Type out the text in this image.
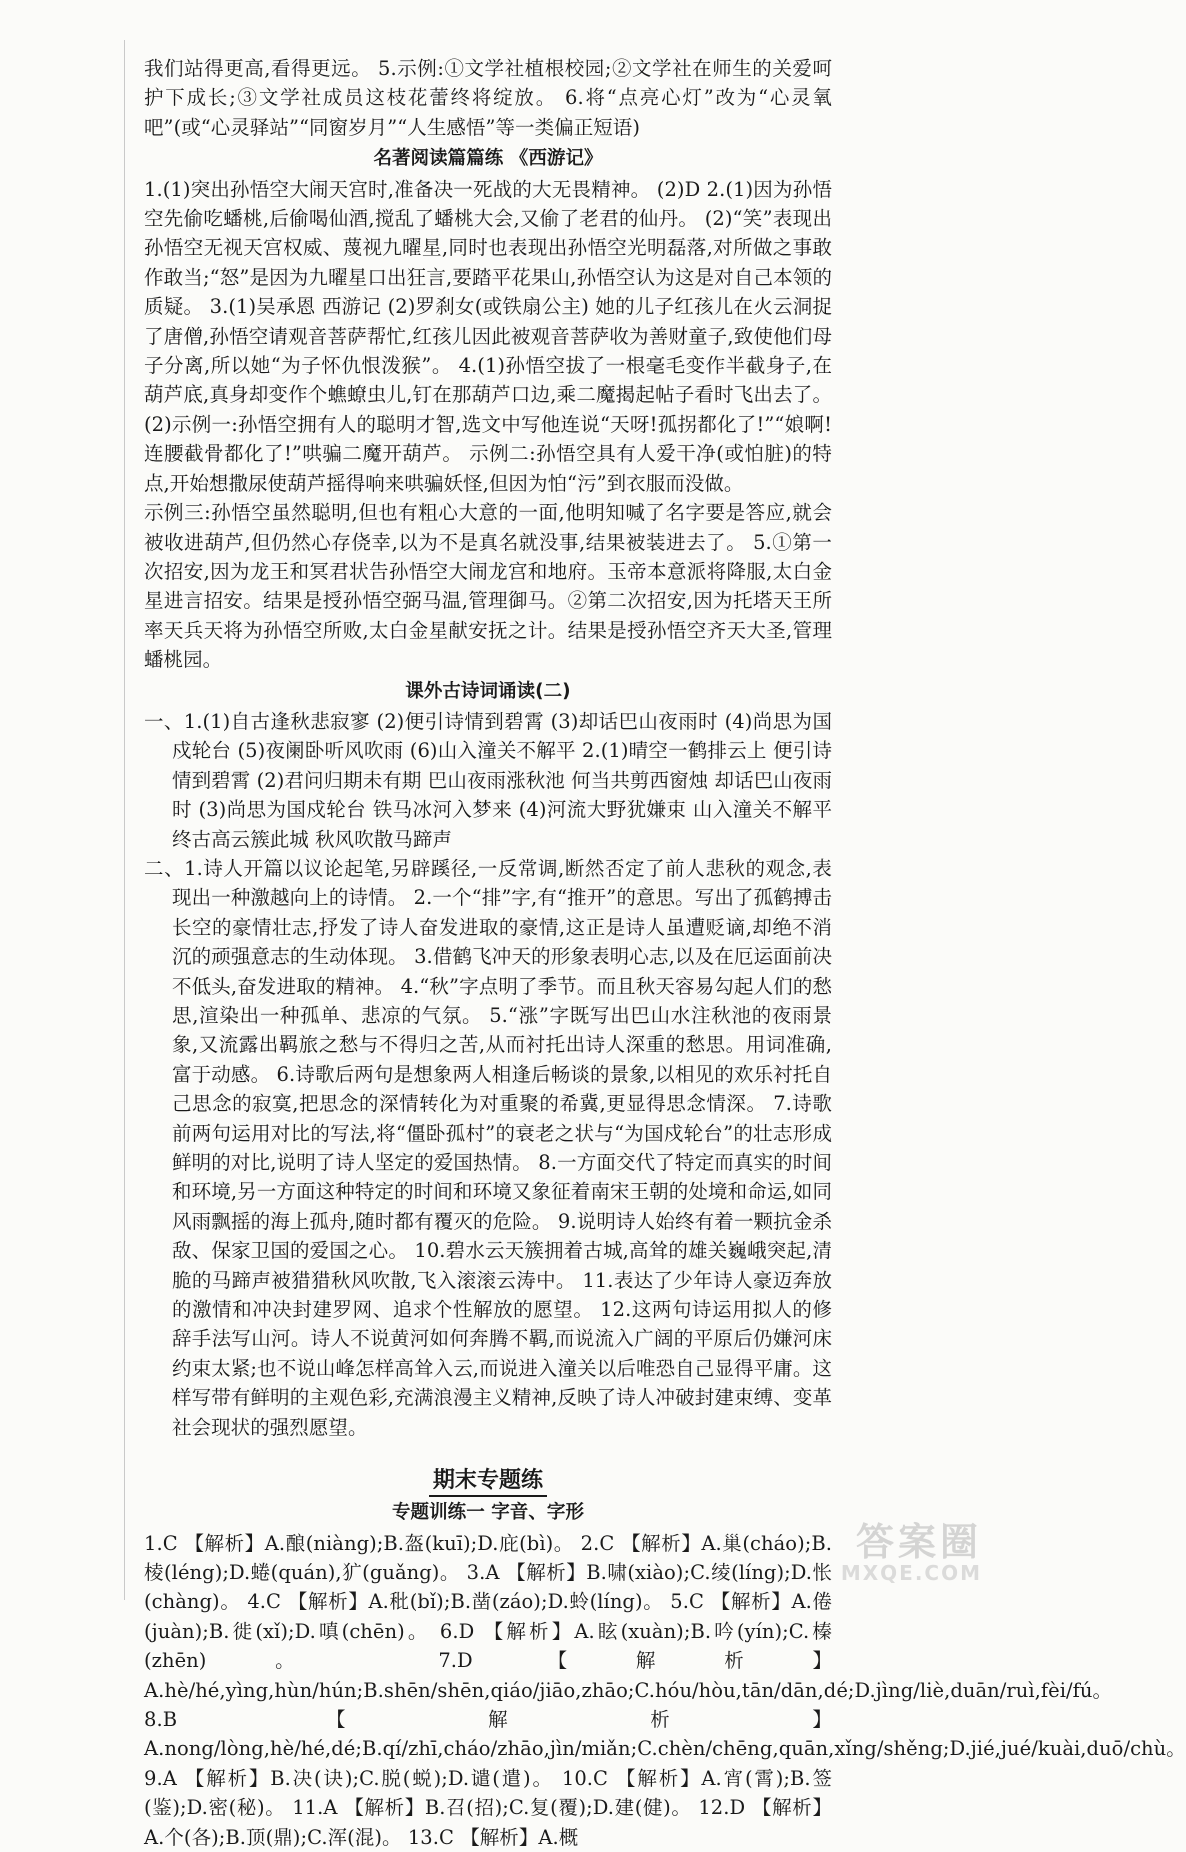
我们站得更高,看得更远。 5.示例:①文学社植根校园;②文学社在师生的关爱呵护下成长;③文学社成员这枝花蕾终将绽放。 6.将“点亮心灯”改为“心灵氧吧”(或“心灵驿站”“同窗岁月”“人生感悟”等一类偏正短语)

名著阅读篇篇练 《西游记》

1.(1)突出孙悟空大闹天宫时,准备决一死战的大无畏精神。 (2)D 2.(1)因为孙悟空先偷吃蟠桃,后偷喝仙酒,搅乱了蟠桃大会,又偷了老君的仙丹。 (2)“笑”表现出孙悟空无视天宫权威、蔑视九曜星,同时也表现出孙悟空光明磊落,对所做之事敢作敢当;“怒”是因为九曜星口出狂言,要踏平花果山,孙悟空认为这是对自己本领的质疑。 3.(1)吴承恩 西游记 (2)罗刹女(或铁扇公主) 她的儿子红孩儿在火云洞捉了唐僧,孙悟空请观音菩萨帮忙,红孩儿因此被观音菩萨收为善财童子,致使他们母子分离,所以她“为子怀仇恨泼猴”。 4.(1)孙悟空拔了一根毫毛变作半截身子,在葫芦底,真身却变作个蟭蟟虫儿,钉在那葫芦口边,乘二魔揭起帖子看时飞出去了。 (2)示例一:孙悟空拥有人的聪明才智,选文中写他连说“天呀!孤拐都化了!”“娘啊!连腰截骨都化了!”哄骗二魔开葫芦。 示例二:孙悟空具有人爱干净(或怕脏)的特点,开始想撒尿使葫芦摇得响来哄骗妖怪,但因为怕“污”到衣服而没做。

示例三:孙悟空虽然聪明,但也有粗心大意的一面,他明知喊了名字要是答应,就会被收进葫芦,但仍然心存侥幸,以为不是真名就没事,结果被装进去了。 5.①第一次招安,因为龙王和冥君状告孙悟空大闹龙宫和地府。玉帝本意派将降服,太白金星进言招安。结果是授孙悟空弼马温,管理御马。②第二次招安,因为托塔天王所率天兵天将为孙悟空所败,太白金星献安抚之计。结果是授孙悟空齐天大圣,管理蟠桃园。

课外古诗词诵读(二)

一、1.(1)自古逢秋悲寂寥 (2)便引诗情到碧霄 (3)却话巴山夜雨时 (4)尚思为国戍轮台 (5)夜阑卧听风吹雨 (6)山入潼关不解平 2.(1)晴空一鹤排云上 便引诗情到碧霄 (2)君问归期未有期 巴山夜雨涨秋池 何当共剪西窗烛 却话巴山夜雨时 (3)尚思为国戍轮台 铁马冰河入梦来 (4)河流大野犹嫌束 山入潼关不解平 终古高云簇此城 秋风吹散马蹄声

二、1.诗人开篇以议论起笔,另辟蹊径,一反常调,断然否定了前人悲秋的观念,表现出一种激越向上的诗情。 2.一个“排”字,有“推开”的意思。写出了孤鹤搏击长空的豪情壮志,抒发了诗人奋发进取的豪情,这正是诗人虽遭贬谪,却绝不消沉的顽强意志的生动体现。 3.借鹤飞冲天的形象表明心志,以及在厄运面前决不低头,奋发进取的精神。 4.“秋”字点明了季节。而且秋天容易勾起人们的愁思,渲染出一种孤单、悲凉的气氛。 5.“涨”字既写出巴山水注秋池的夜雨景象,又流露出羁旅之愁与不得归之苦,从而衬托出诗人深重的愁思。用词准确,富于动感。 6.诗歌后两句是想象两人相逢后畅谈的景象,以相见的欢乐衬托自己思念的寂寞,把思念的深情转化为对重聚的希冀,更显得思念情深。 7.诗歌前两句运用对比的写法,将“僵卧孤村”的衰老之状与“为国戍轮台”的壮志形成鲜明的对比,说明了诗人坚定的爱国热情。 8.一方面交代了特定而真实的时间和环境,另一方面这种特定的时间和环境又象征着南宋王朝的处境和命运,如同风雨飘摇的海上孤舟,随时都有覆灭的危险。 9.说明诗人始终有着一颗抗金杀敌、保家卫国的爱国之心。 10.碧水云天簇拥着古城,高耸的雄关巍峨突起,清脆的马蹄声被猎猎秋风吹散,飞入滚滚云涛中。 11.表达了少年诗人豪迈奔放的激情和冲决封建罗网、追求个性解放的愿望。 12.这两句诗运用拟人的修辞手法写山河。诗人不说黄河如何奔腾不羁,而说流入广阔的平原后仍嫌河床约束太紧;也不说山峰怎样高耸入云,而说进入潼关以后唯恐自己显得平庸。这样写带有鲜明的主观色彩,充满浪漫主义精神,反映了诗人冲破封建束缚、变革社会现状的强烈愿望。

期末专题练
专题训练一 字音、字形

1.C 【解析】A.酿(niàng);B.盔(kuī);D.庇(bì)。 2.C 【解析】A.巢(cháo);B.棱(léng);D.蜷(quán),犷(guǎng)。 3.A 【解析】B.啸(xiào);C.绫(líng);D.怅(chàng)。 4.C 【解析】A.秕(bǐ);B.凿(záo);D.蛉(líng)。 5.C 【解析】A.倦(juàn);B.徙(xǐ);D.嗔(chēn)。 6.D 【解析】A.眩(xuàn);B.吟(yín);C.榛(zhēn)。 7.D 【解析】A.hè/hé,yìng,hùn/hún;B.shēn/shēn,qiáo/jiāo,zhāo;C.hóu/hòu,tān/dān,dé;D.jìng/liè,duān/ruì,fèi/fú。 8.B 【解析】A.nong/lòng,hè/hé,dé;B.qí/zhī,cháo/zhāo,jìn/miǎn;C.chèn/chēng,quān,xǐng/shěng;D.jié,jué/kuài,duō/chù。 9.A 【解析】B.决(诀);C.脱(蜕);D.谴(遣)。 10.C 【解析】A.宵(霄);B.签(鉴);D.密(秘)。 11.A 【解析】B.召(招);C.复(覆);D.建(健)。 12.D 【解析】A.个(各);B.顶(鼎);C.浑(混)。 13.C 【解析】A.概

答案圈
MXQE.COM
